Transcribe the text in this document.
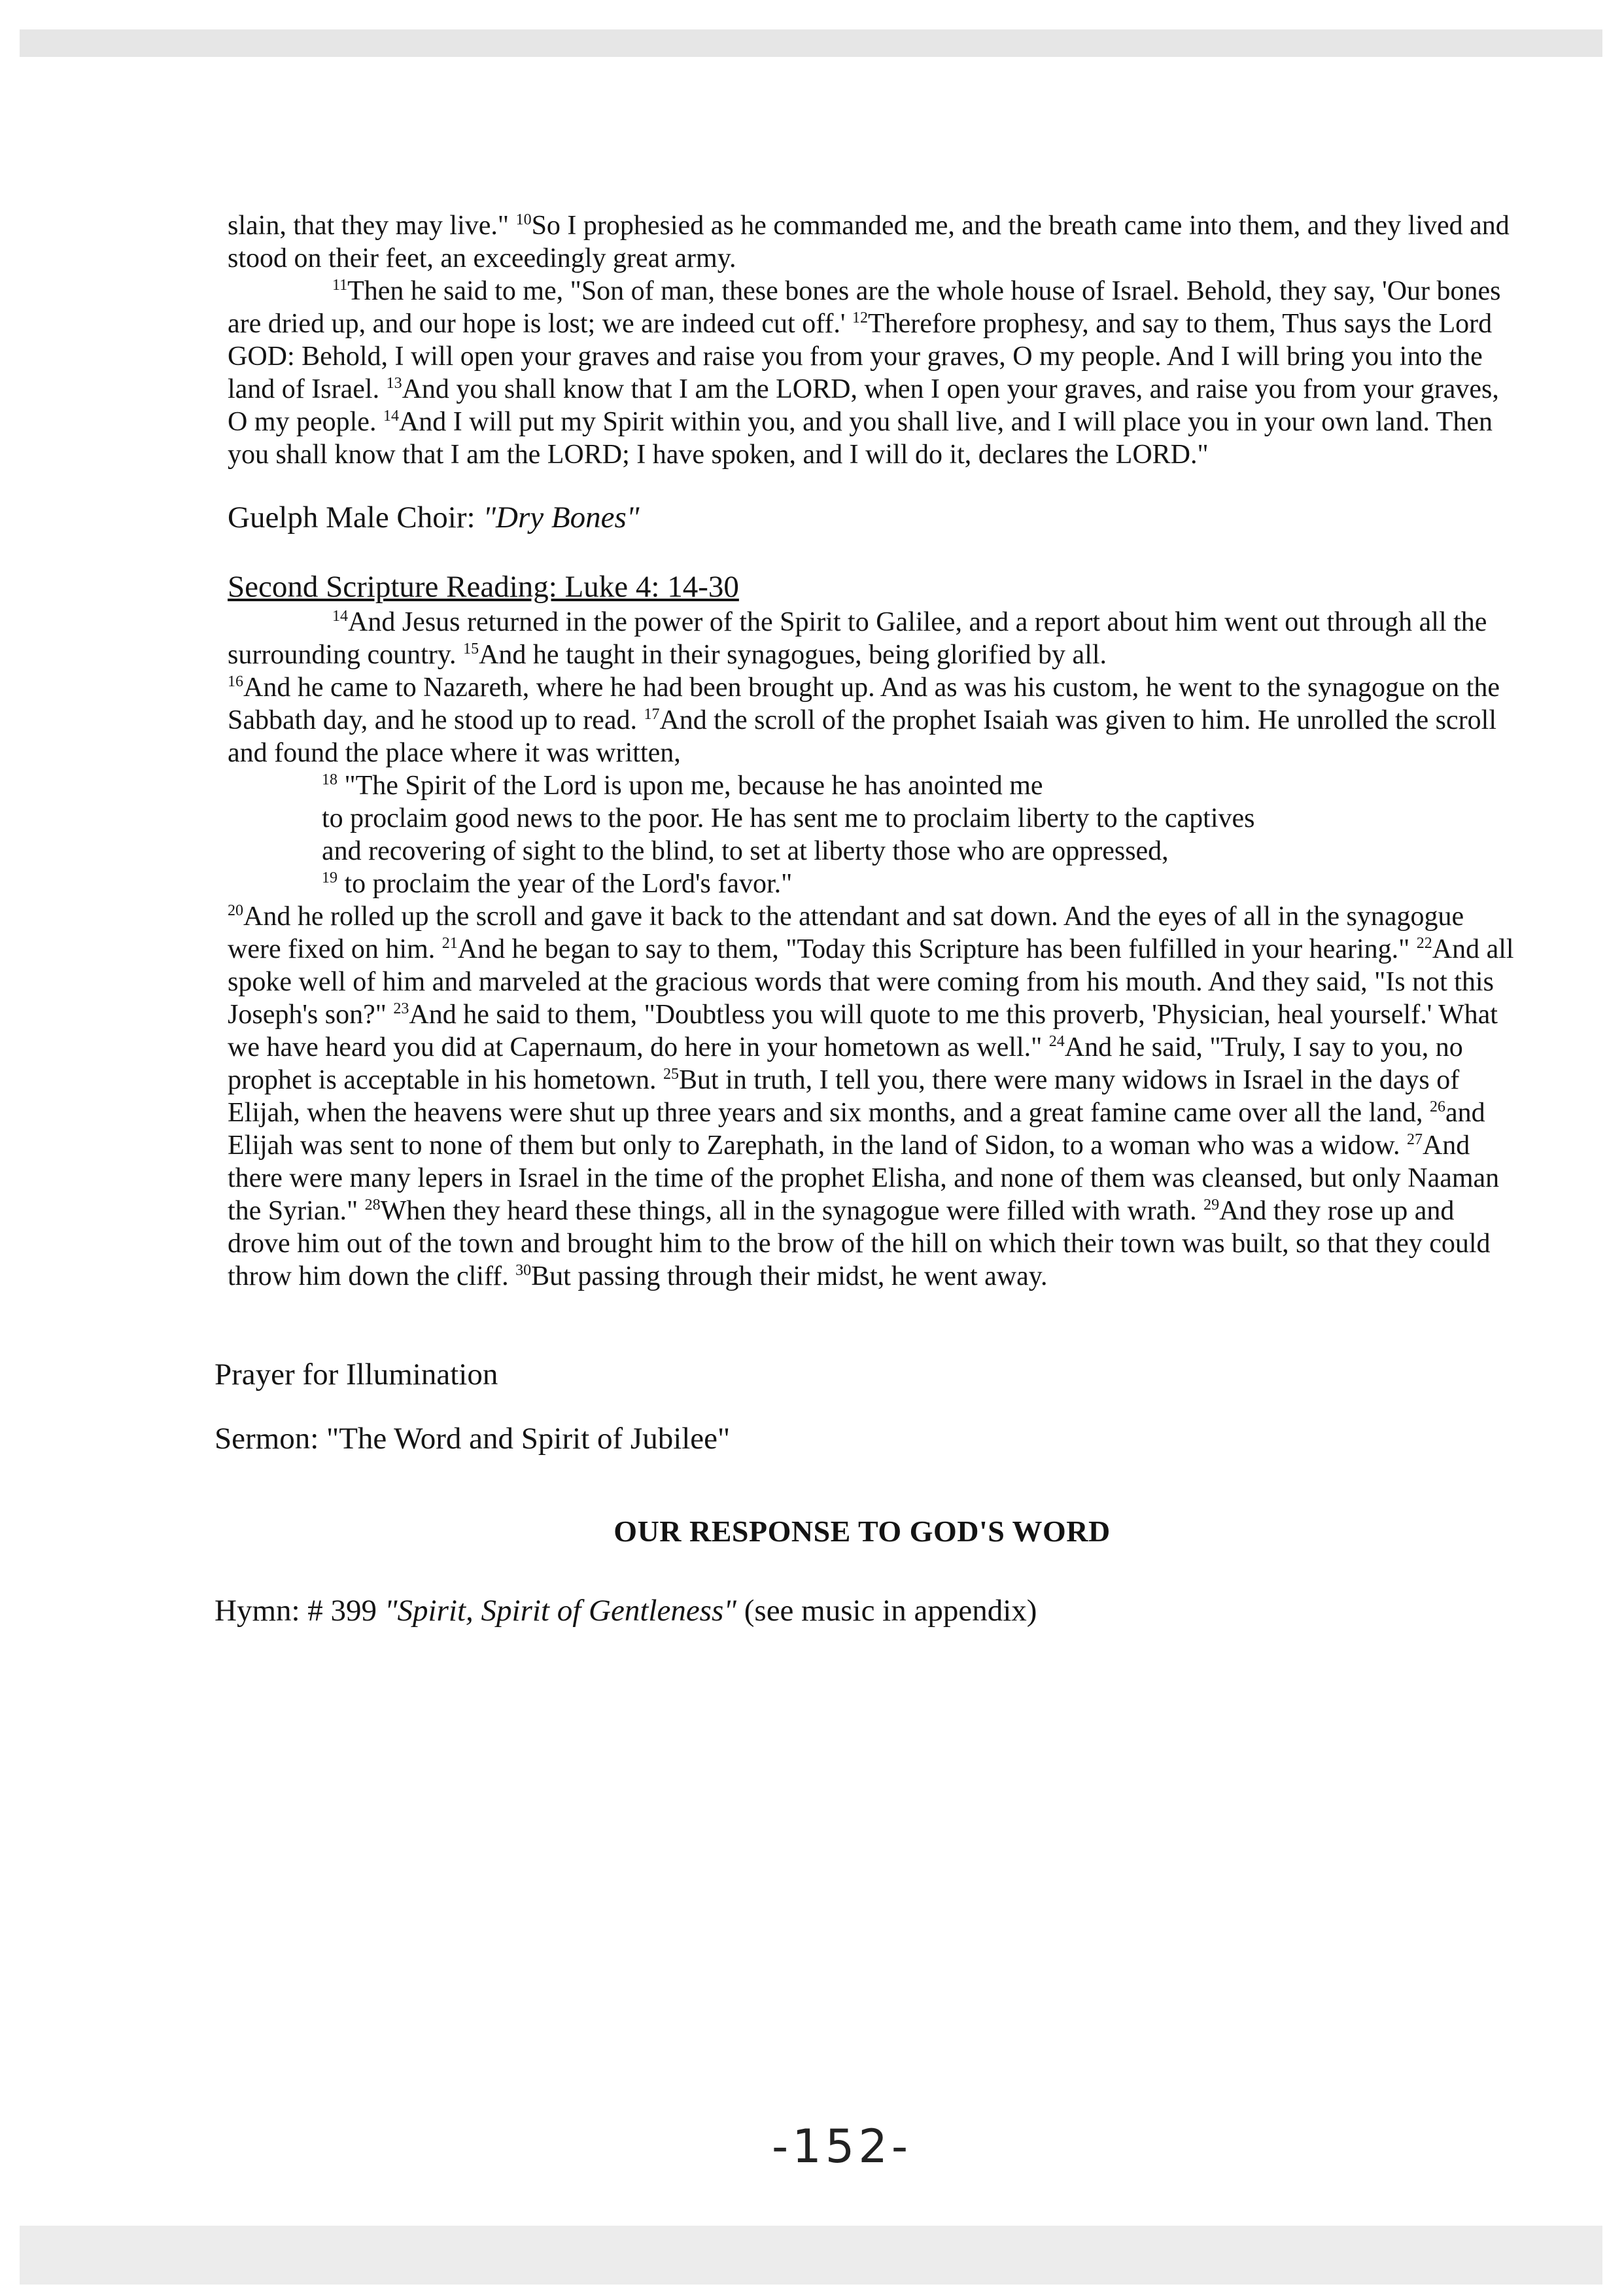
slain, that they may live." $^{10}$So I prophesied as he commanded me, and the breath came into them, and they lived and stood on their feet, an exceedingly great army.

$^{11}$Then he said to me, "Son of man, these bones are the whole house of Israel. Behold, they say, 'Our bones are dried up, and our hope is lost; we are indeed cut off.' $^{12}$Therefore prophesy, and say to them, Thus says the Lord GOD: Behold, I will open your graves and raise you from your graves, O my people. And I will bring you into the land of Israel. $^{13}$And you shall know that I am the LORD, when I open your graves, and raise you from your graves, O my people. $^{14}$And I will put my Spirit within you, and you shall live, and I will place you in your own land. Then you shall know that I am the LORD; I have spoken, and I will do it, declares the LORD."

Guelph Male Choir: "Dry Bones"

Second Scripture Reading: Luke 4: 14-30

$^{14}$And Jesus returned in the power of the Spirit to Galilee, and a report about him went out through all the surrounding country. $^{15}$And he taught in their synagogues, being glorified by all.

$^{16}$And he came to Nazareth, where he had been brought up. And as was his custom, he went to the synagogue on the Sabbath day, and he stood up to read. $^{17}$And the scroll of the prophet Isaiah was given to him. He unrolled the scroll and found the place where it was written,

$^{18}$ "The Spirit of the Lord is upon me, because he has anointed me

to proclaim good news to the poor. He has sent me to proclaim liberty to the captives

and recovering of sight to the blind, to set at liberty those who are oppressed,

$^{19}$ to proclaim the year of the Lord's favor."

$^{20}$And he rolled up the scroll and gave it back to the attendant and sat down. And the eyes of all in the synagogue were fixed on him. $^{21}$And he began to say to them, "Today this Scripture has been fulfilled in your hearing." $^{22}$And all spoke well of him and marveled at the gracious words that were coming from his mouth. And they said, "Is not this Joseph's son?" $^{23}$And he said to them, "Doubtless you will quote to me this proverb, 'Physician, heal yourself.' What we have heard you did at Capernaum, do here in your hometown as well." $^{24}$And he said, "Truly, I say to you, no prophet is acceptable in his hometown. $^{25}$But in truth, I tell you, there were many widows in Israel in the days of Elijah, when the heavens were shut up three years and six months, and a great famine came over all the land, $^{26}$and Elijah was sent to none of them but only to Zarephath, in the land of Sidon, to a woman who was a widow. $^{27}$And there were many lepers in Israel in the time of the prophet Elisha, and none of them was cleansed, but only Naaman the Syrian." $^{28}$When they heard these things, all in the synagogue were filled with wrath. $^{29}$And they rose up and drove him out of the town and brought him to the brow of the hill on which their town was built, so that they could throw him down the cliff. $^{30}$But passing through their midst, he went away.

Prayer for Illumination

Sermon: "The Word and Spirit of Jubilee"

OUR RESPONSE TO GOD'S WORD

Hymn: # 399 "Spirit, Spirit of Gentleness" (see music in appendix)

-152-
